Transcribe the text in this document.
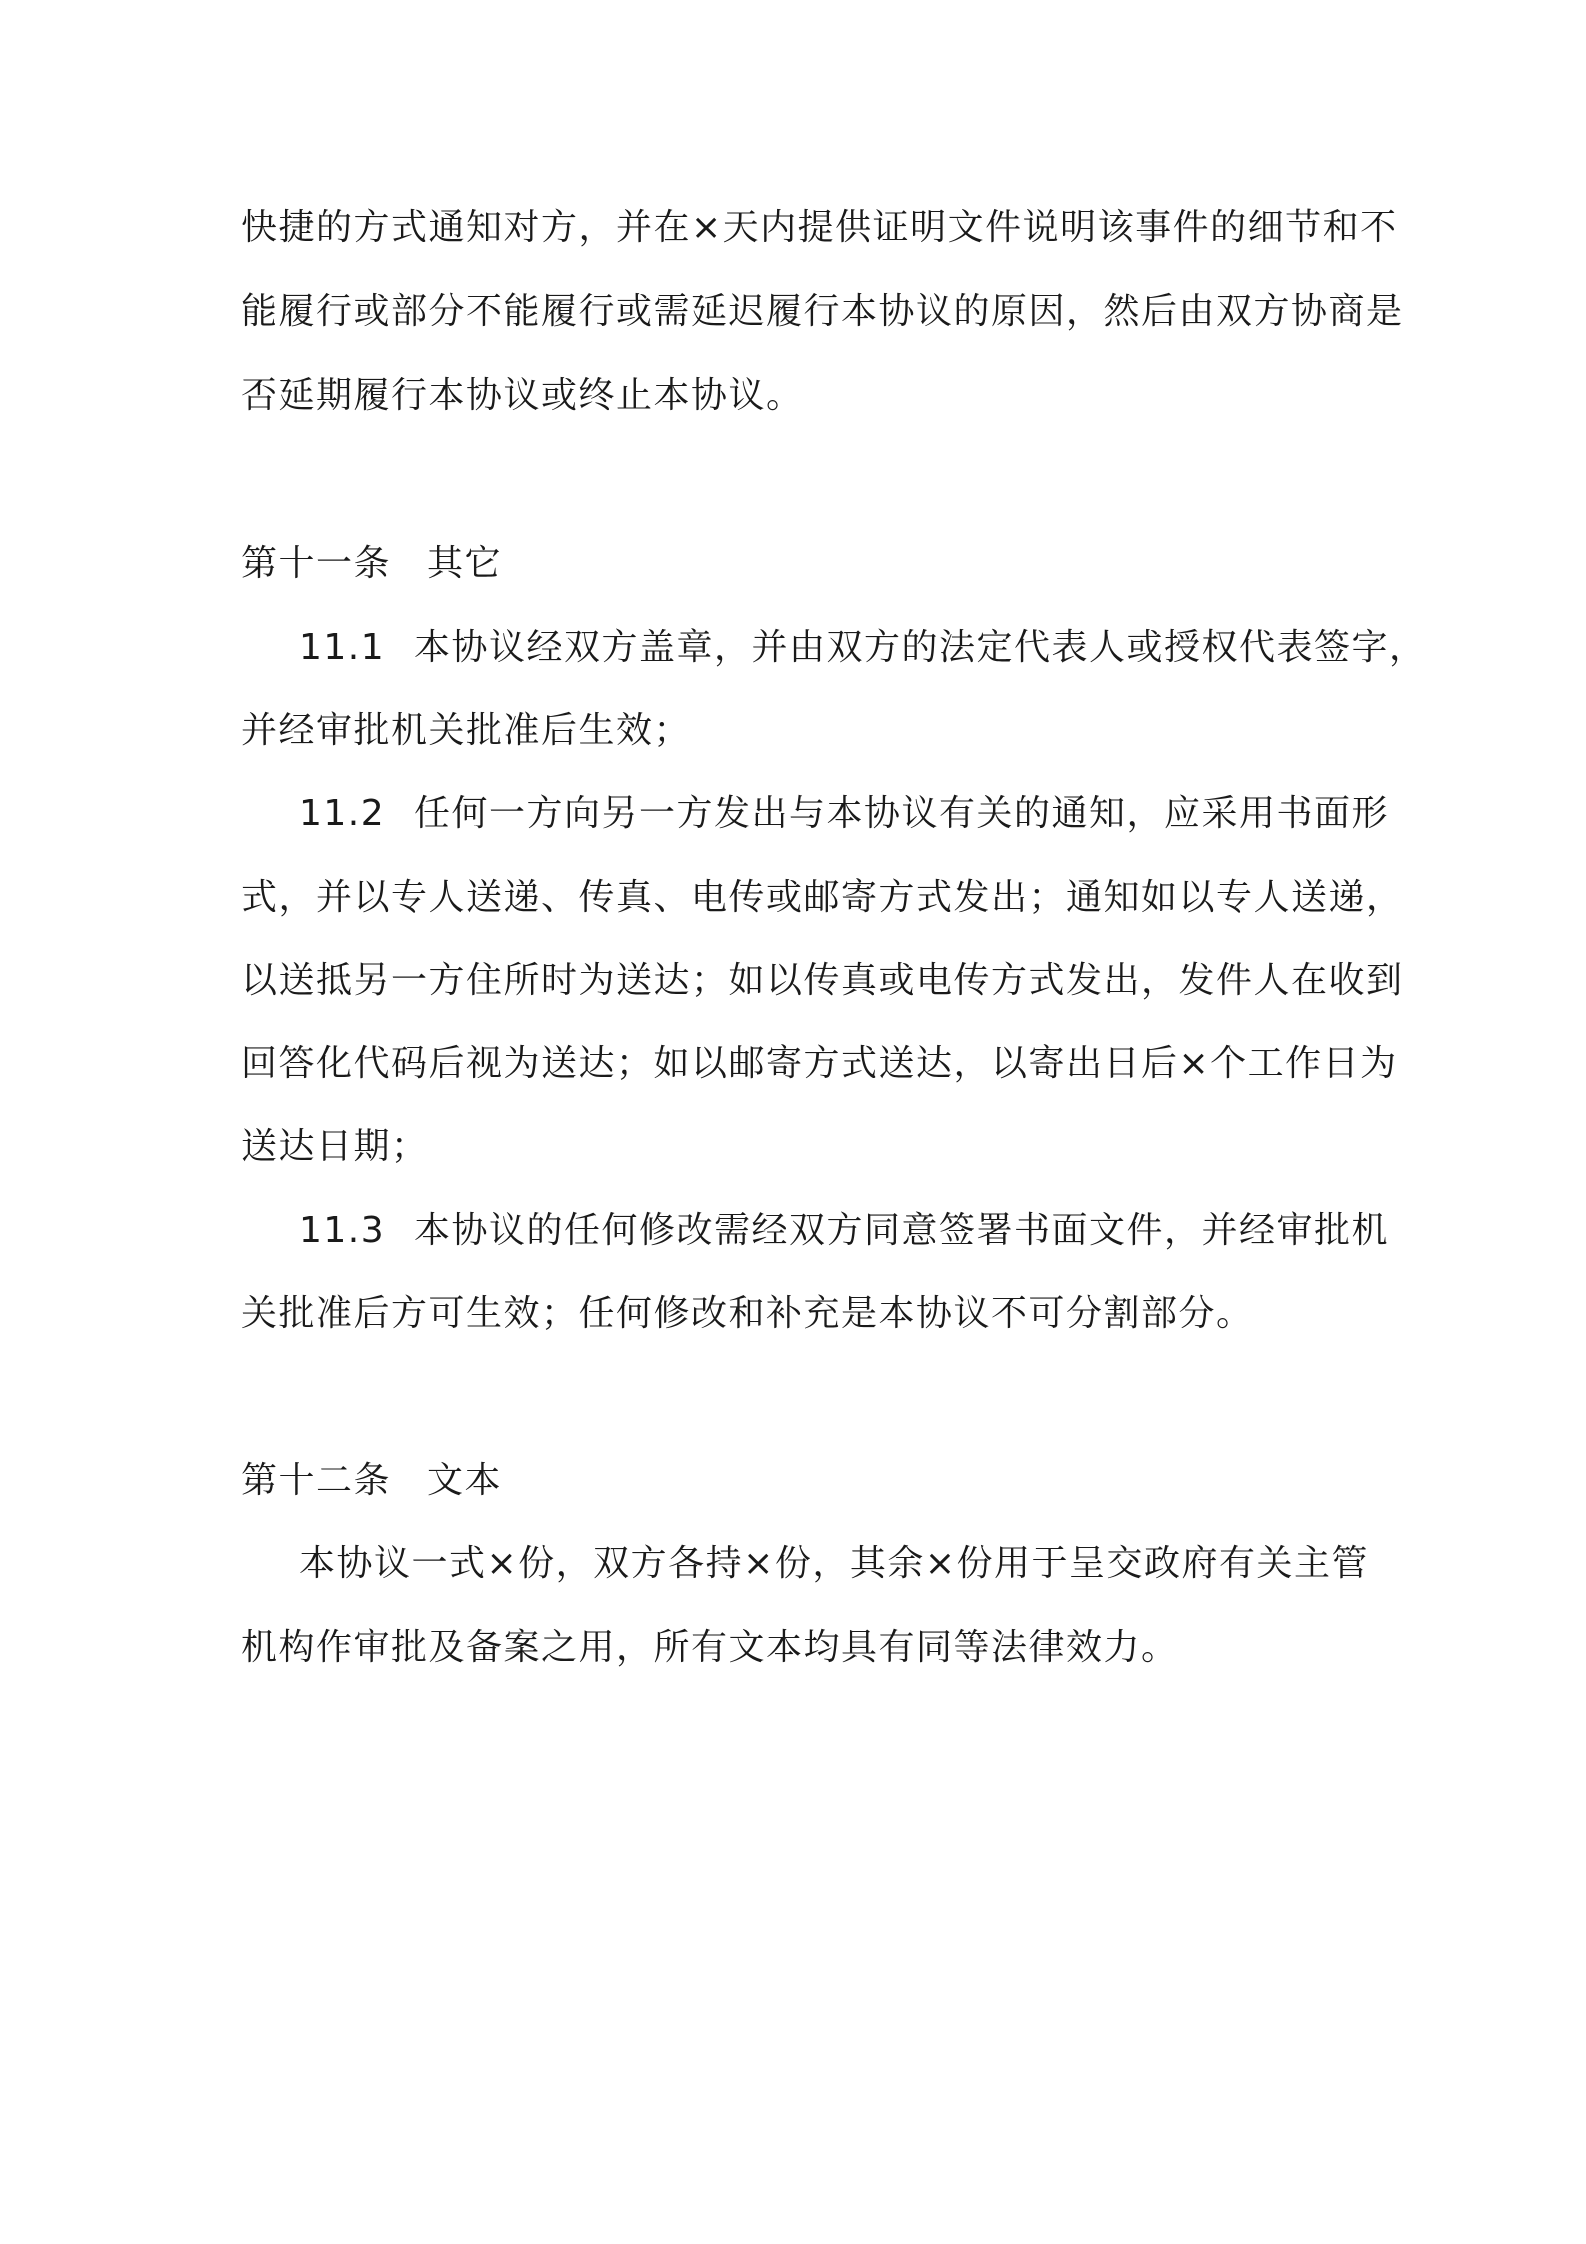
快捷的方式通知对方，并在×天内提供证明文件说明该事件的细节和不
能履行或部分不能履行或需延迟履行本协议的原因，然后由双方协商是
否延期履行本协议或终止本协议。
第十一条 其它
11.1 本协议经双方盖章，并由双方的法定代表人或授权代表签字，
并经审批机关批准后生效；
11.2 任何一方向另一方发出与本协议有关的通知，应采用书面形
式，并以专人送递、传真、电传或邮寄方式发出；通知如以专人送递，
以送抵另一方住所时为送达；如以传真或电传方式发出，发件人在收到
回答化代码后视为送达；如以邮寄方式送达，以寄出日后×个工作日为
送达日期；
11.3 本协议的任何修改需经双方同意签署书面文件，并经审批机
关批准后方可生效；任何修改和补充是本协议不可分割部分。
第十二条 文本
本协议一式×份，双方各持×份，其余×份用于呈交政府有关主管
机构作审批及备案之用，所有文本均具有同等法律效力。
